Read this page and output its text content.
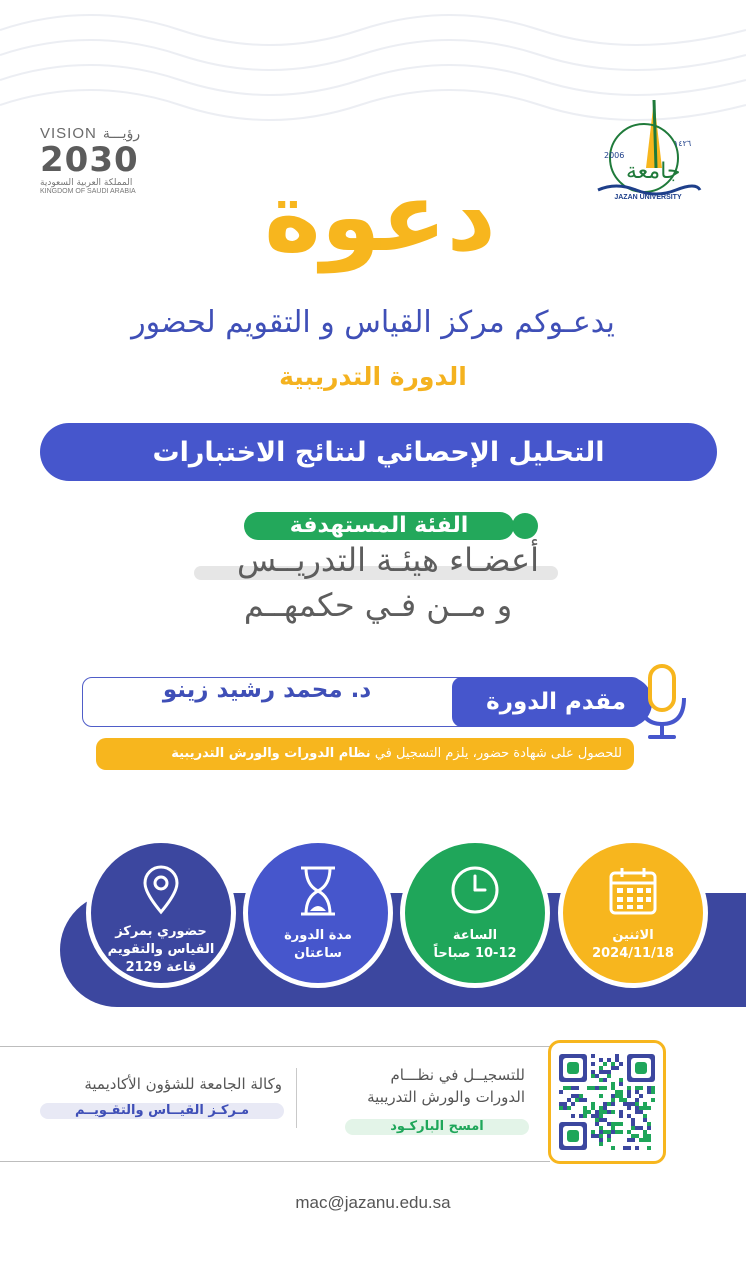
VISION رؤيـــة
2030
المملكة العربية السعودية
KINGDOM OF SAUDI ARABIA
2006
١٤٢٦
جامعة
JAZAN UNIVERSITY
دعوة
يدعـوكم مركز القياس و التقويم لحضور
الدورة التدريبية
التحليل الإحصائي لنتائج الاختبارات
الفئة المستهدفة
أعضـاء هيئـة التدريــس
و مــن فـي حكمهــم
د. محمد رشيد زينو	مقدم الدورة
للحصول على شهادة حضور، يلزم التسجيل في نظام الدورات والورش التدريبية
الاثنين
2024/11/18
الساعة
10-12 صباحاً
مدة الدورة
ساعتان
حضوري بمركز
القياس والتقويم
قاعة 2129
وكالة الجامعة للشؤون الأكاديمية
مـركـز القيــاس والتقـويــم
للتسجيــل في نظـــام
الدورات والورش التدريبية
امسح الباركـود
mac@jazanu.edu.sa
